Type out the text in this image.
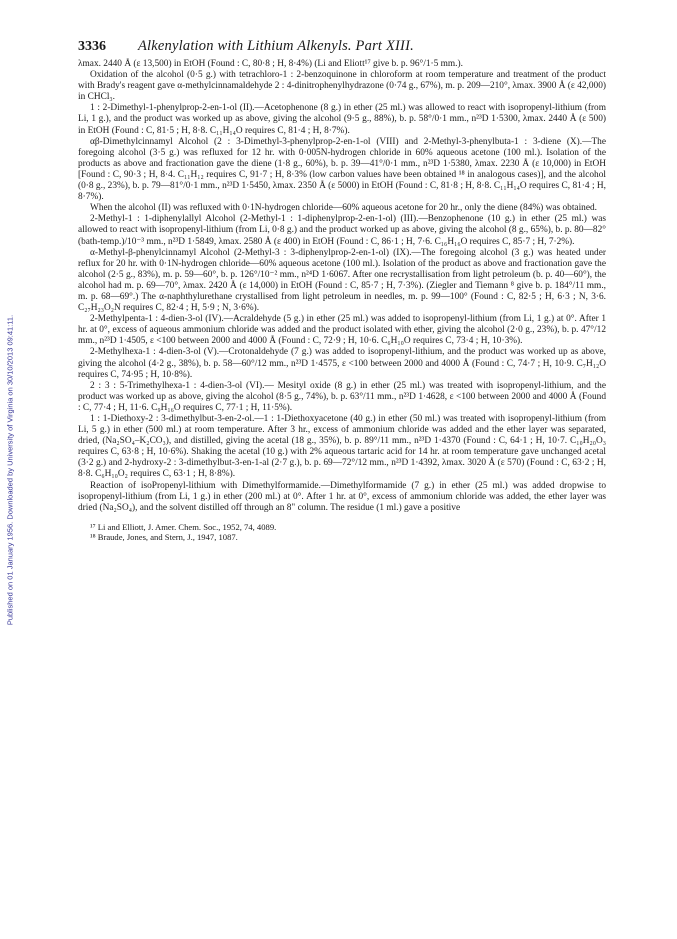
Published on 01 January 1956. Downloaded by University of Virginia on 30/10/2013 09:41:11.
3336	Alkenylation with Lithium Alkenyls. Part XIII.

λmax. 2440 Å (ε 13,500) in EtOH (Found : C, 80·8 ; H, 8·4%) (Li and Eliott¹⁷ give b. p. 96°/1·5 mm.).

Oxidation of the alcohol (0·5 g.) with tetrachloro-1 : 2-benzoquinone in chloroform at room temperature and treatment of the product with Brady's reagent gave α-methylcinnamaldehyde 2 : 4-dinitrophenylhydrazone (0·74 g., 67%), m. p. 209—210°, λmax. 3900 Å (ε 42,000) in CHCl₃.

1 : 2-Dimethyl-1-phenylprop-2-en-1-ol (II).—Acetophenone (8 g.) in ether (25 ml.) was allowed to react with isopropenyl-lithium (from Li, 1 g.), and the product was worked up as above, giving the alcohol (9·5 g., 88%), b. p. 58°/0·1 mm., n²³D 1·5300, λmax. 2440 Å (ε 500) in EtOH (Found : C, 81·5 ; H, 8·8. C₁₁H₁₄O requires C, 81·4 ; H, 8·7%).

αβ-Dimethylcinnamyl Alcohol (2 : 3-Dimethyl-3-phenylprop-2-en-1-ol (VIII) and 2-Methyl-3-phenylbuta-1 : 3-diene (X).—The foregoing alcohol (3·5 g.) was refluxed for 12 hr. with 0·005N-hydrogen chloride in 60% aqueous acetone (100 ml.). Isolation of the products as above and fractionation gave the diene (1·8 g., 60%), b. p. 39—41°/0·1 mm., n²³D 1·5380, λmax. 2230 Å (ε 10,000) in EtOH [Found : C, 90·3 ; H, 8·4. C₁₁H₁₂ requires C, 91·7 ; H, 8·3% (low carbon values have been obtained ¹⁸ in analogous cases)], and the alcohol (0·8 g., 23%), b. p. 79—81°/0·1 mm., n²³D 1·5450, λmax. 2350 Å (ε 5000) in EtOH (Found : C, 81·8 ; H, 8·8. C₁₁H₁₄O requires C, 81·4 ; H, 8·7%).

When the alcohol (II) was refluxed with 0·1N-hydrogen chloride—60% aqueous acetone for 20 hr., only the diene (84%) was obtained.

2-Methyl-1 : 1-diphenylallyl Alcohol (2-Methyl-1 : 1-diphenylprop-2-en-1-ol) (III).—Benzophenone (10 g.) in ether (25 ml.) was allowed to react with isopropenyl-lithium (from Li, 0·8 g.) and the product worked up as above, giving the alcohol (8 g., 65%), b. p. 80—82° (bath-temp.)/10⁻³ mm., n²³D 1·5849, λmax. 2580 Å (ε 400) in EtOH (Found : C, 86·1 ; H, 7·6. C₁₆H₁₆O requires C, 85·7 ; H, 7·2%).

α-Methyl-β-phenylcinnamyl Alcohol (2-Methyl-3 : 3-diphenylprop-2-en-1-ol) (IX).—The foregoing alcohol (3 g.) was heated under reflux for 20 hr. with 0·1N-hydrogen chloride—60% aqueous acetone (100 ml.). Isolation of the product as above and fractionation gave the alcohol (2·5 g., 83%), m. p. 59—60°, b. p. 126°/10⁻² mm., n²⁴D 1·6067. After one recrystallisation from light petroleum (b. p. 40—60°), the alcohol had m. p. 69—70°, λmax. 2420 Å (ε 14,000) in EtOH (Found : C, 85·7 ; H, 7·3%). (Ziegler and Tiemann ⁸ give b. p. 184°/11 mm., m. p. 68—69°.) The α-naphthylurethane crystallised from light petroleum in needles, m. p. 99—100° (Found : C, 82·5 ; H, 6·3 ; N, 3·6. C₂₇H₂₃O₂N requires C, 82·4 ; H, 5·9 ; N, 3·6%).

2-Methylpenta-1 : 4-dien-3-ol (IV).—Acraldehyde (5 g.) in ether (25 ml.) was added to isopropenyl-lithium (from Li, 1 g.) at 0°. After 1 hr. at 0°, excess of aqueous ammonium chloride was added and the product isolated with ether, giving the alcohol (2·0 g., 23%), b. p. 47°/12 mm., n²³D 1·4505, ε <100 between 2000 and 4000 Å (Found : C, 72·9 ; H, 10·6. C₆H₁₀O requires C, 73·4 ; H, 10·3%).

2-Methylhexa-1 : 4-dien-3-ol (V).—Crotonaldehyde (7 g.) was added to isopropenyl-lithium, and the product was worked up as above, giving the alcohol (4·2 g., 38%), b. p. 58—60°/12 mm., n²³D 1·4575, ε <100 between 2000 and 4000 Å (Found : C, 74·7 ; H, 10·9. C₇H₁₂O requires C, 74·95 ; H, 10·8%).

2 : 3 : 5-Trimethylhexa-1 : 4-dien-3-ol (VI).— Mesityl oxide (8 g.) in ether (25 ml.) was treated with isopropenyl-lithium, and the product was worked up as above, giving the alcohol (8·5 g., 74%), b. p. 63°/11 mm., n²³D 1·4628, ε <100 between 2000 and 4000 Å (Found : C, 77·4 ; H, 11·6. C₉H₁₆O requires C, 77·1 ; H, 11·5%).

1 : 1-Diethoxy-2 : 3-dimethylbut-3-en-2-ol.—1 : 1-Diethoxyacetone (40 g.) in ether (50 ml.) was treated with isopropenyl-lithium (from Li, 5 g.) in ether (500 ml.) at room temperature. After 3 hr., excess of ammonium chloride was added and the ether layer was separated, dried, (Na₂SO₄–K₂CO₃), and distilled, giving the acetal (18 g., 35%), b. p. 89°/11 mm., n²³D 1·4370 (Found : C, 64·1 ; H, 10·7. C₁₀H₂₀O₃ requires C, 63·8 ; H, 10·6%). Shaking the acetal (10 g.) with 2% aqueous tartaric acid for 14 hr. at room temperature gave unchanged acetal (3·2 g.) and 2-hydroxy-2 : 3-dimethylbut-3-en-1-al (2·7 g.), b. p. 69—72°/12 mm., n²³D 1·4392, λmax. 3020 Å (ε 570) (Found : C, 63·2 ; H, 8·8. C₆H₁₀O₂ requires C, 63·1 ; H, 8·8%).

Reaction of isoPropenyl-lithium with Dimethylformamide.—Dimethylformamide (7 g.) in ether (25 ml.) was added dropwise to isopropenyl-lithium (from Li, 1 g.) in ether (200 ml.) at 0°. After 1 hr. at 0°, excess of ammonium chloride was added, the ether layer was dried (Na₂SO₄), and the solvent distilled off through an 8" column. The residue (1 ml.) gave a positive

¹⁷ Li and Elliott, J. Amer. Chem. Soc., 1952, 74, 4089.

¹⁸ Braude, Jones, and Stern, J., 1947, 1087.
